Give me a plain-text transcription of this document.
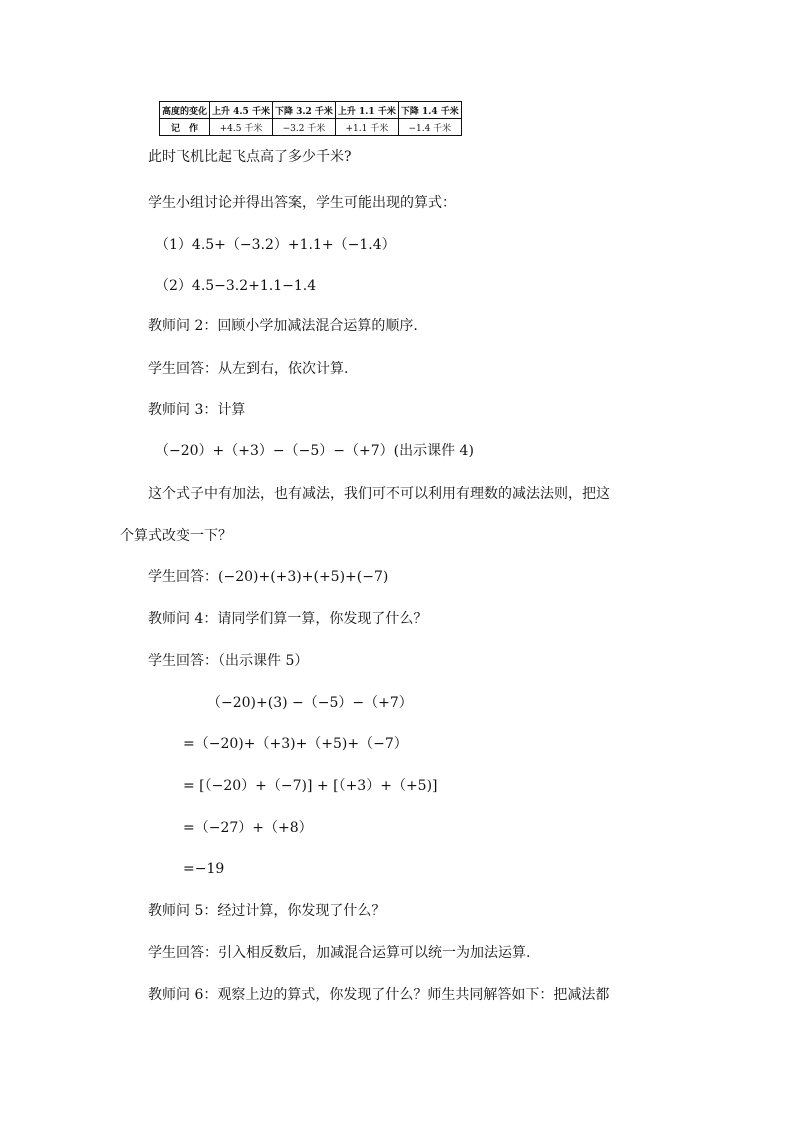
高度的变化	上升 4.5 千米	下降 3.2 千米	上升 1.1 千米	下降 1.4 千米
记　作	+4.5 千米	−3.2 千米	+1.1 千米	−1.4 千米
此时飞机比起飞点高了多少千米?
学生小组讨论并得出答案，学生可能出现的算式：
（1）4.5+（−3.2）+1.1+（−1.4）
（2）4.5−3.2+1.1−1.4
教师问 2：回顾小学加减法混合运算的顺序.
学生回答：从左到右，依次计算.
教师问 3：计算
（−20）+（+3）−（−5）−（+7）(出示课件 4)
这个式子中有加法，也有减法，我们可不可以利用有理数的减法法则，把这
个算式改变一下？
学生回答：(−20)+(+3)+(+5)+(−7)
教师问 4：请同学们算一算，你发现了什么？
学生回答：（出示课件 5）
（−20)+(3) −（−5）−（+7）
=（−20)+（+3)+（+5)+（−7）
= [（−20）+（−7)] + [（+3）+（+5)]
=（−27）+（+8）
=−19
教师问 5：经过计算，你发现了什么？
学生回答：引入相反数后，加减混合运算可以统一为加法运算.
教师问 6：观察上边的算式，你发现了什么？师生共同解答如下：把减法都
